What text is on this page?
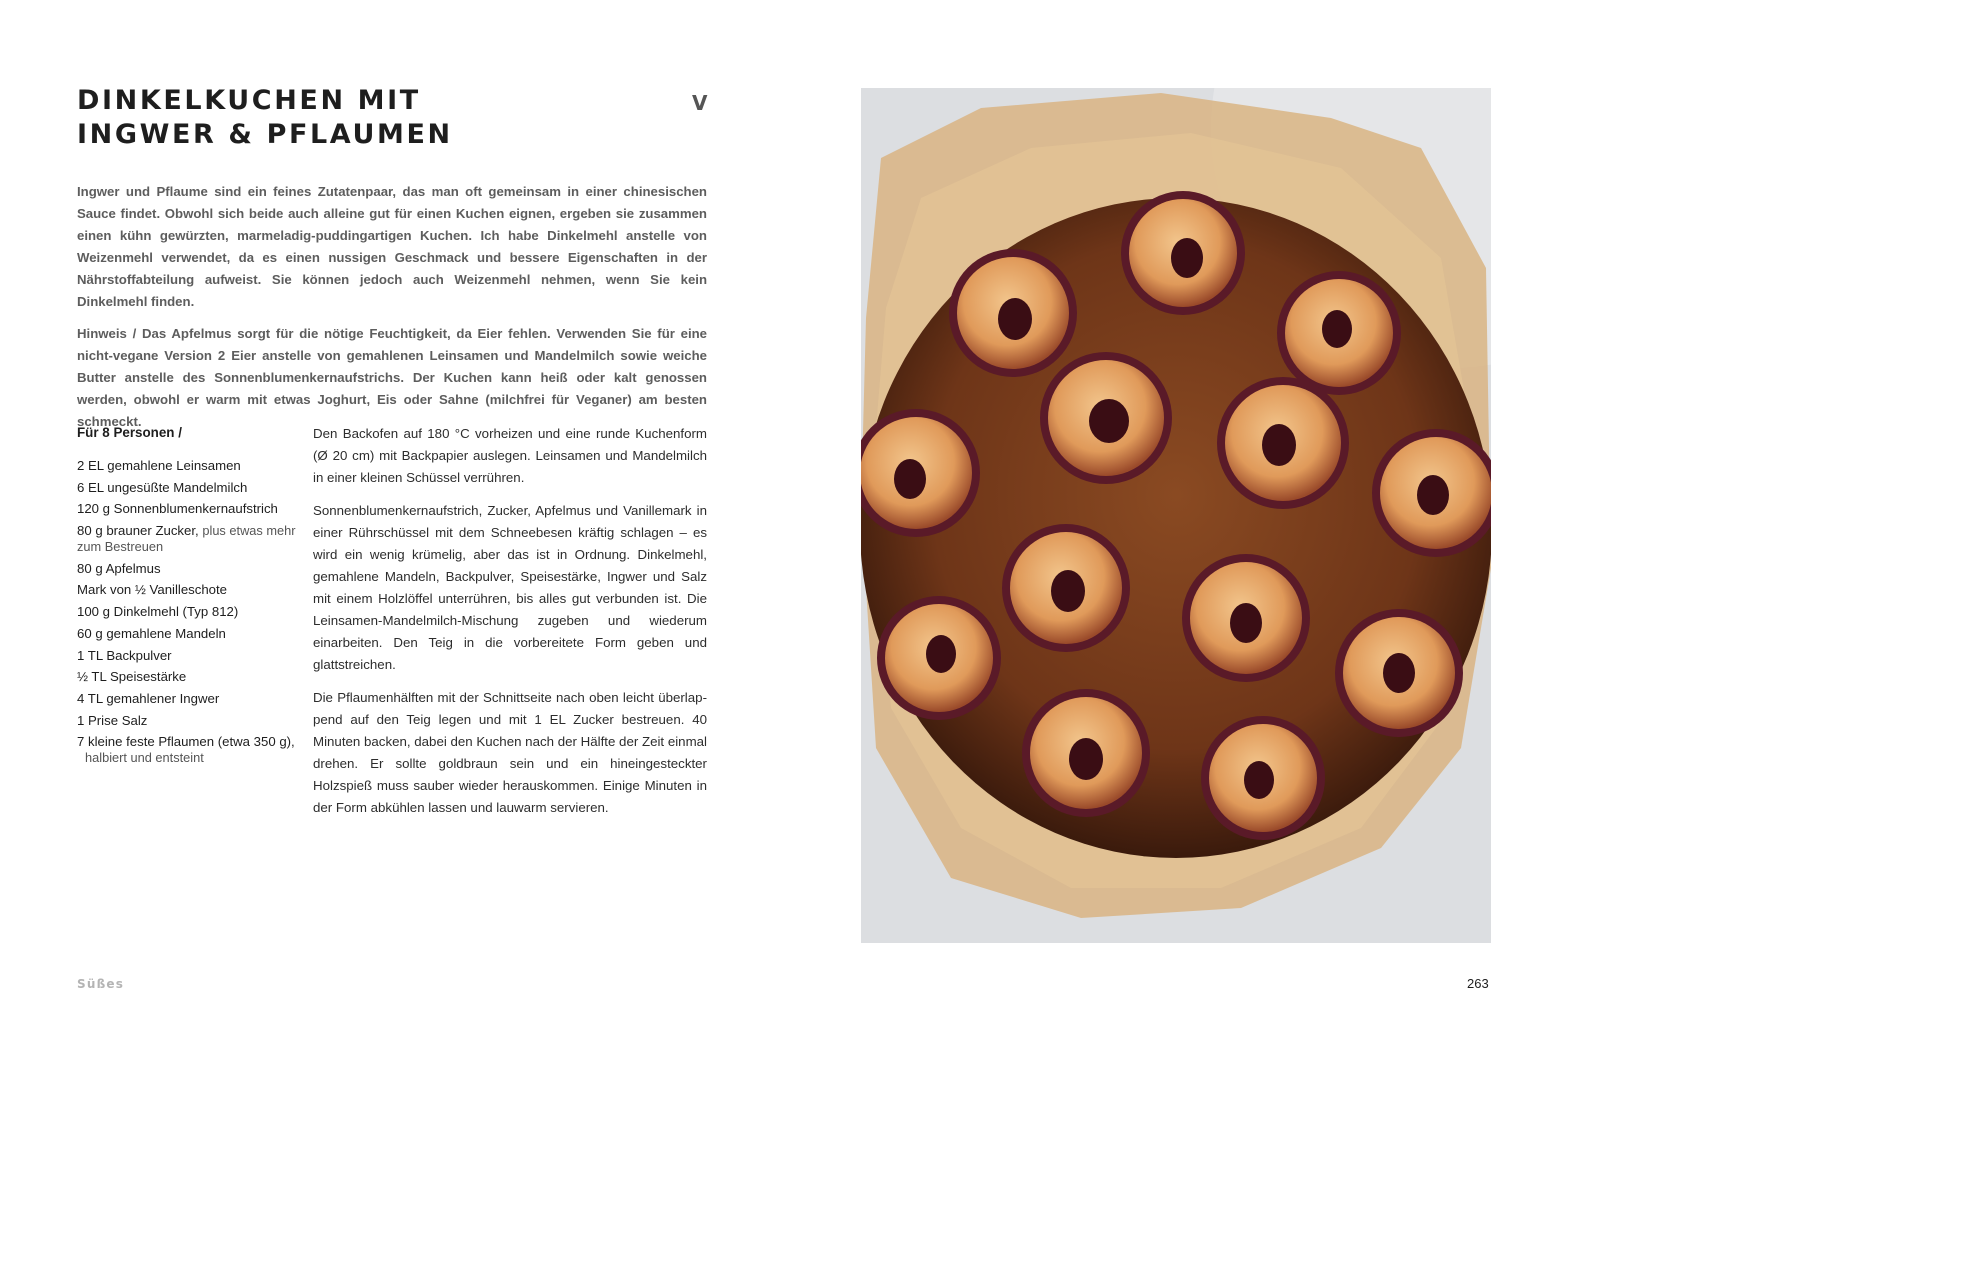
DINKELKUCHEN MIT
INGWER & PFLAUMEN
V

Ingwer und Pflaume sind ein feines Zutatenpaar, das man oft gemeinsam in einer chinesischen Sauce findet. Obwohl sich beide auch alleine gut für einen Kuchen eignen, ergeben sie zusammen einen kühn gewürzten, marmeladig-puddingartigen Kuchen. Ich habe Dinkelmehl anstelle von Weizenmehl verwendet, da es einen nussigen Geschmack und bessere Eigenschaften in der Nährstoffabteilung aufweist. Sie können jedoch auch Weizenmehl nehmen, wenn Sie kein Dinkelmehl finden.

Hinweis / Das Apfelmus sorgt für die nötige Feuchtigkeit, da Eier fehlen. Verwenden Sie für eine nicht-vegane Version 2 Eier anstelle von gemahlenen Leinsamen und Mandelmilch sowie weiche Butter anstelle des Sonnenblumenkernaufstrichs. Der Kuchen kann heiß oder kalt genossen werden, obwohl er warm mit etwas Joghurt, Eis oder Sahne (milchfrei für Veganer) am besten schmeckt.

Für 8 Personen /
2 EL gemahlene Leinsamen
6 EL ungesüßte Mandelmilch
120 g Sonnenblumenkernaufstrich
80 g brauner Zucker, plus etwas mehr zum Bestreuen
80 g Apfelmus
Mark von ½ Vanilleschote
100 g Dinkelmehl (Typ 812)
60 g gemahlene Mandeln
1 TL Backpulver
½ TL Speisestärke
4 TL gemahlener Ingwer
1 Prise Salz
7 kleine feste Pflaumen (etwa 350 g),
halbiert und entsteint

Den Backofen auf 180 °C vorheizen und eine runde Kuchenform (Ø 20 cm) mit Backpapier auslegen. Leinsamen und Mandelmilch in einer kleinen Schüssel verrühren.

Sonnenblumenkernaufstrich, Zucker, Apfelmus und Vanillemark in einer Rührschüssel mit dem Schneebesen kräftig schlagen – es wird ein wenig krümelig, aber das ist in Ordnung. Dinkelmehl, gemahlene Mandeln, Backpulver, Speisestärke, Ingwer und Salz mit einem Holzlöffel unterrühren, bis alles gut verbunden ist. Die Leinsamen-Mandelmilch-Mischung zugeben und wiederum einarbeiten. Den Teig in die vorbereitete Form geben und glattstreichen.

Die Pflaumenhälften mit der Schnittseite nach oben leicht überlappend auf den Teig legen und mit 1 EL Zucker bestreuen. 40 Minuten backen, dabei den Kuchen nach der Hälfte der Zeit einmal drehen. Er sollte goldbraun sein und ein hineingesteckter Holzspieß muss sauber wieder herauskommen. Einige Minuten in der Form abkühlen lassen und lauwarm servieren.

Süßes	263
